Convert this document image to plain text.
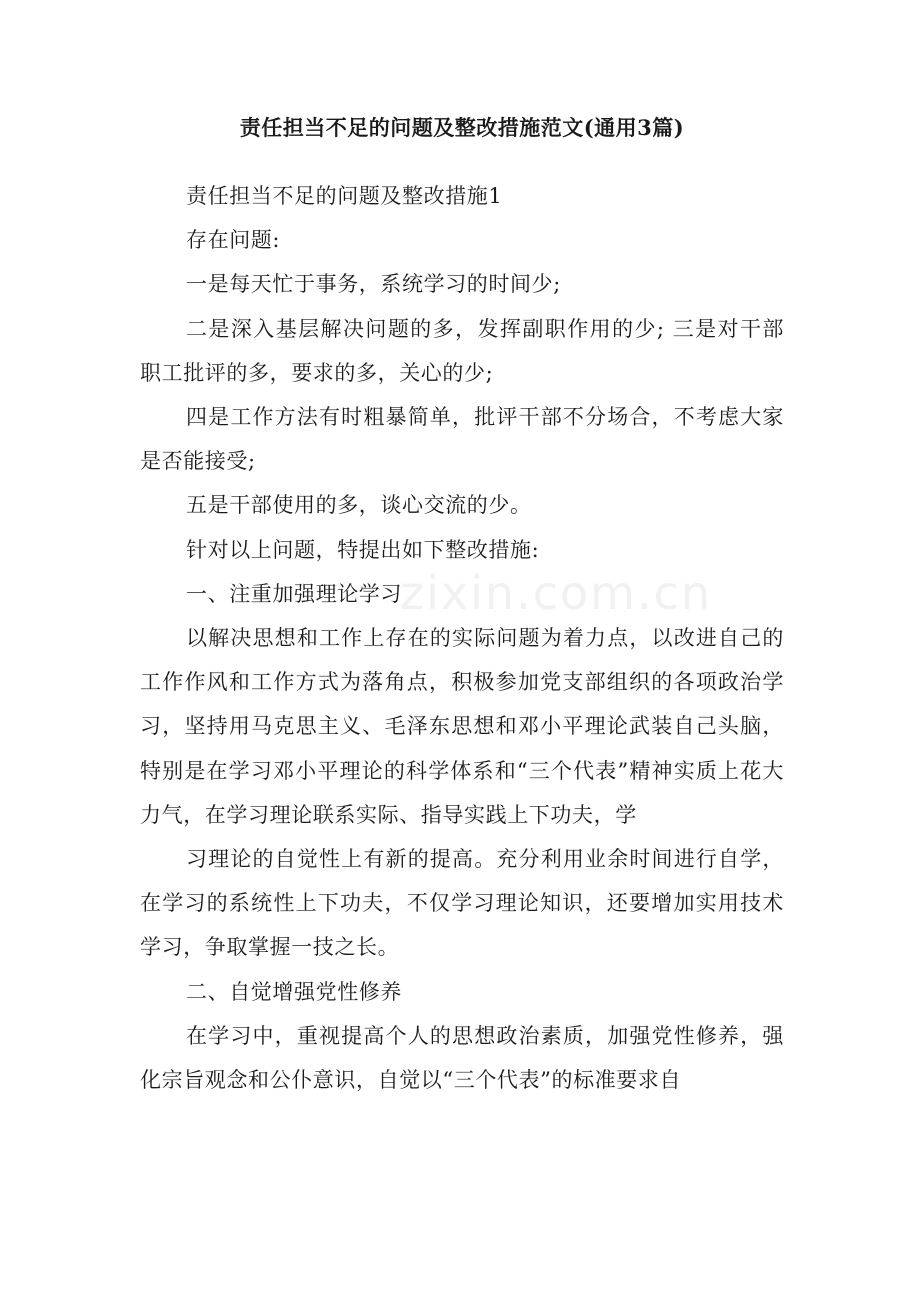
zixin.com.cn
责任担当不足的问题及整改措施范文(通用3篇)

责任担当不足的问题及整改措施1

存在问题:

一是每天忙于事务，系统学习的时间少;

二是深入基层解决问题的多，发挥副职作用的少; 三是对干部职工批评的多，要求的多，关心的少;

四是工作方法有时粗暴简单，批评干部不分场合，不考虑大家是否能接受;

五是干部使用的多，谈心交流的少。

针对以上问题，特提出如下整改措施:

一、注重加强理论学习

以解决思想和工作上存在的实际问题为着力点，以改进自己的工作作风和工作方式为落角点，积极参加党支部组织的各项政治学习，坚持用马克思主义、毛泽东思想和邓小平理论武装自己头脑，特别是在学习邓小平理论的科学体系和“三个代表”精神实质上花大力气，在学习理论联系实际、指导实践上下功夫，学

习理论的自觉性上有新的提高。充分利用业余时间进行自学，在学习的系统性上下功夫，不仅学习理论知识，还要增加实用技术学习，争取掌握一技之长。

二、自觉增强党性修养

在学习中，重视提高个人的思想政治素质，加强党性修养，强化宗旨观念和公仆意识，自觉以“三个代表”的标准要求自
